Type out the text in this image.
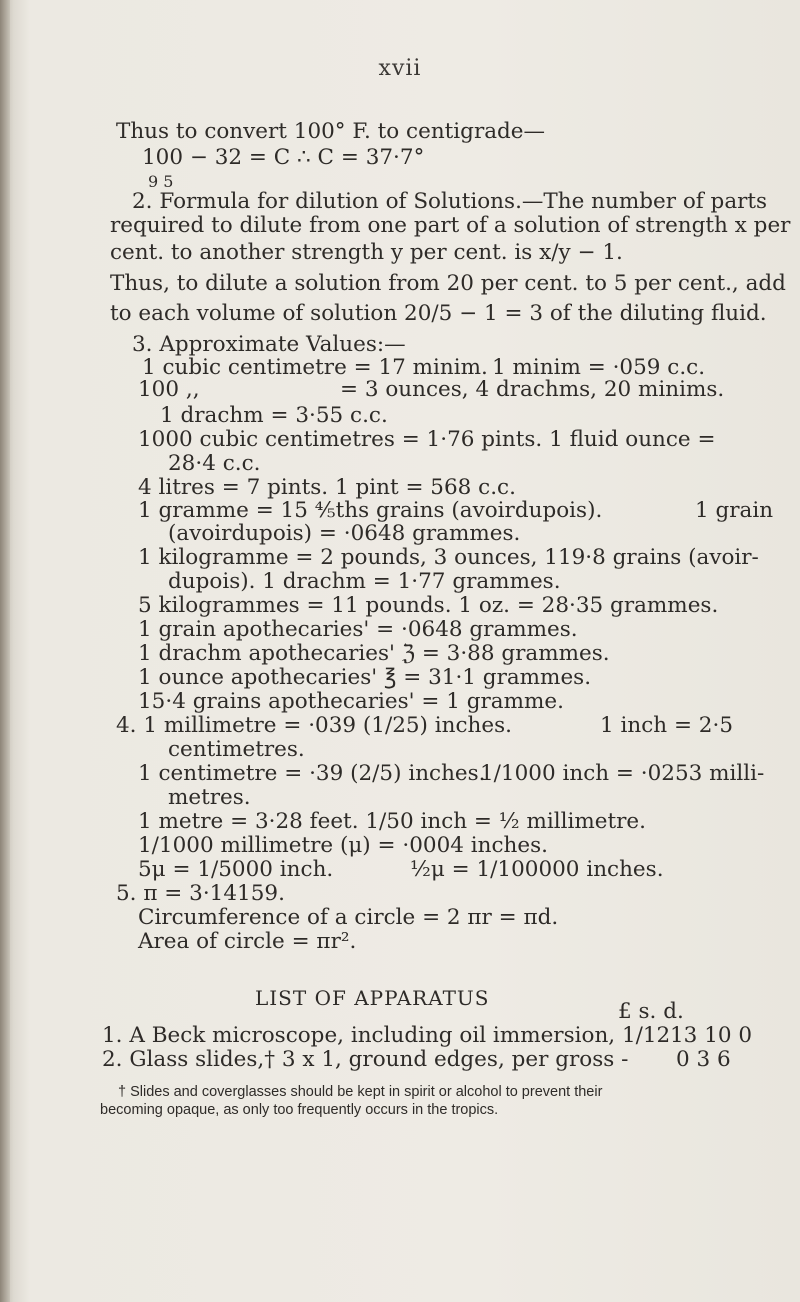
xvii
Thus to convert 100° F. to centigrade—
100 − 32 = C ∴ C = 37·7°
9 5
2. Formula for dilution of Solutions.—The number of parts
required to dilute from one part of a solution of strength x per
cent. to another strength y per cent. is x/y − 1.
Thus, to dilute a solution from 20 per cent. to 5 per cent., add
to each volume of solution 20/5 − 1 = 3 of the diluting fluid.
3. Approximate Values:—
1 cubic centimetre = 17 minim. 1 minim = ·059 c.c.
100 ,,	= 3 ounces, 4 drachms, 20 minims.
1 drachm = 3·55 c.c.
1000 cubic centimetres = 1·76 pints. 1 fluid ounce =
28·4 c.c.
4 litres = 7 pints. 1 pint = 568 c.c.
1 gramme = 15 ⅘ths grains (avoirdupois).	1 grain
(avoirdupois) = ·0648 grammes.
1 kilogramme = 2 pounds, 3 ounces, 119·8 grains (avoir-
dupois). 1 drachm = 1·77 grammes.
5 kilogrammes = 11 pounds. 1 oz. = 28·35 grammes.
1 grain apothecaries' = ·0648 grammes.
1 drachm apothecaries' ℨ = 3·88 grammes.
1 ounce apothecaries' ℥ = 31·1 grammes.
15·4 grains apothecaries' = 1 gramme.
4. 1 millimetre = ·039 (1/25) inches.	1 inch = 2·5
centimetres.
1 centimetre = ·39 (2/5) inches.
1/1000 inch = ·0253 milli-
metres.
1 metre = 3·28 feet. 1/50 inch = ½ millimetre.
1/1000 millimetre (μ) = ·0004 inches.
5μ = 1/5000 inch.	½μ = 1/100000 inches.
5. π = 3·14159.
Circumference of a circle = 2 πr = πd.
Area of circle = πr².
LIST OF APPARATUS
£ s. d.
1. A Beck microscope, including oil immersion, 1/12 13 10 0
2. Glass slides,† 3 x 1, ground edges, per gross - 0 3 6
† Slides and coverglasses should be kept in spirit or alcohol to prevent their
becoming opaque, as only too frequently occurs in the tropics.
